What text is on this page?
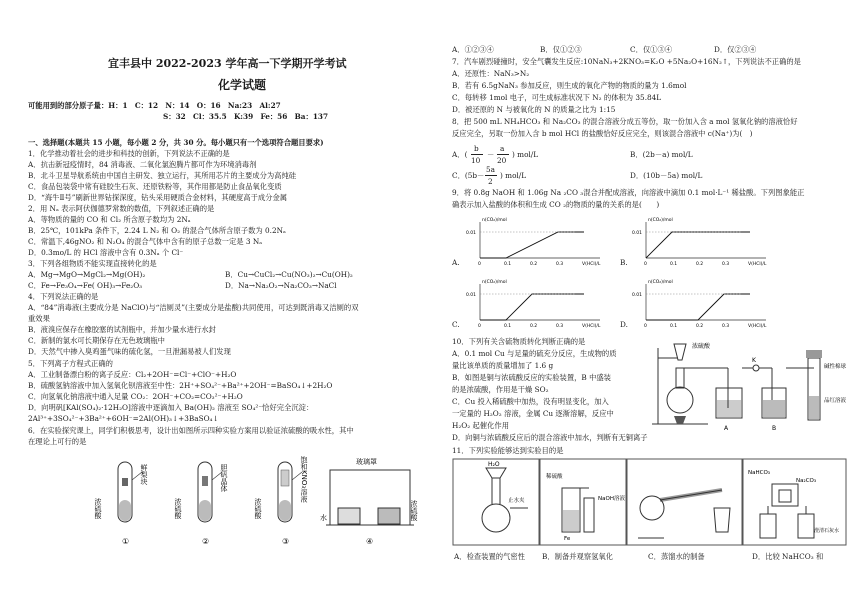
宜丰县中 2022-2023 学年高一下学期开学考试
化学试题
可能用到的部分原子量：H：1　C：12　N：14　O：16　Na:23　Al:27
S：32　Cl：35.5　K:39　Fe：56　Ba：137
一、选择题(本题共 15 小题，每小题 2 分，共 30 分。每小题只有一个选项符合题目要求)
1．化学推动着社会的进步和科技的创新，下列说法不正确的是
A．抗击新冠疫情时，84 消毒液、二氧化氯泡腾片都可作为环境消毒剂
B．北斗卫星导航系统由中国自主研发、独立运行，其所用芯片的主要成分为高纯硅
C．食品包装袋中常有硅胶生石灰、还原铁粉等，其作用都是防止食品氧化变质
D．“海牛Ⅱ号”刷新世界钻探深度，钻头采用硬质合金材料，其硬度高于成分金属
2．用 Nₐ 表示阿伏伽德罗常数的数值，下列叙述正确的是
A．等物质的量的 CO 和 Cl₂ 所含原子数均为 2Nₐ
B．25℃，101kPa 条件下，2.24 L N₂ 和 O₂ 的混合气体所含原子数为 0.2Nₐ
C．常温下,46gNO₂ 和 N₂O₄ 的混合气体中含有的原子总数一定是 3 Nₐ
D．0.3mo/L 的 HCl 溶液中含有 0.3Nₐ 个 Cl⁻
3．下列各组物质不能实现直接转化的是
A．Mg→MgO→MgCl₂→Mg(OH)₂	B．Cu→CuCl₂→Cu(NO₃)₂→Cu(OH)₂
C．Fe→Fe₃O₄→Fe( OH)₃→Fe₂O₃	D．Na→Na₂O₂→Na₂CO₃→NaCl
4．下列说法正确的是
A．“84”消毒液(主要成分是 NaClO)与“洁厕灵”(主要成分是盐酸)共同使用，可达到既消毒又洁厕的双
重效果
B．液溴应保存在橡胶塞的试剂瓶中，并加少量水进行水封
C．新制的氯水可长期保存在无色玻璃瓶中
D．天然气中掺入臭鸡蛋气味的硫化氢，一旦泄漏易被人们发现
5．下列离子方程式正确的
A．工业制备漂白粉的离子反应：Cl₂+2OH⁻=Cl⁻+ClO⁻+H₂O
B．硫酸氢钠溶液中加入氢氧化钡溶液至中性：2H⁺+SO₄²⁻+Ba²⁺+2OH⁻=BaSO₄↓+2H₂O
C．向氢氧化钠溶液中通入足量 CO₂：2OH⁻+CO₂=CO₃²⁻+H₂O
D．向明矾[KAl(SO₄)₂·12H₂O]溶液中逐滴加入 Ba(OH)₂ 溶液至 SO₄²⁻恰好完全沉淀：
2Al³⁺+3SO₄²⁻+3Ba²⁺+6OH⁻=2Al(OH)₃↓+3BaSO₄↓
6．在实验探究课上，同学们积极思考，设计出如图所示四种实验方案用以验证浓硫酸的吸水性，其中
在理论上可行的是
浓硫酸
鲜梨块
①
浓硫酸
胆矾晶体
②
浓硫酸
饱和KNO₃溶液
③
玻璃罩
水	浓硫酸
④
A．①②③④	B．仅①②③	C．仅①③④	D．仅②③④
7．汽车剧烈碰撞时，安全气囊发生反应:10NaN₃+2KNO₃=K₂O +5Na₂O+16N₂↑，下列说法不正确的是
A．还原性：NaN₃>N₂
B．若有 6.5gNaN₃ 参加反应，则生成的氧化产物的物质的量为 1.6mol
C．每转移 1mol 电子，可生成标准状况下 N₂ 的体积为 35.84L
D．被还原的 N 与被氧化的 N 的质量之比为 1:15
8．把 500 mL NH₄HCO₃ 和 Na₂CO₃ 的混合溶液分成五等份，取一份加入含 a mol 氢氧化钠的溶液恰好
反应完全，另取一份加入含 b mol HCl 的盐酸恰好反应完全，则该混合溶液中 c(Na⁺)为(　)
A．(
b
10
－
a
20
) mol/L	B．(2b－a) mol/L
C．(5b－
5a
2
) mol/L	D．(10b－5a) mol/L
9．将 0.8g NaOH 和 1.06g Na ₂CO ₃混合并配成溶液，向溶液中滴加 0.1 mol·L⁻¹ 稀盐酸。下列图象能正
确表示加入盐酸的体积和生成 CO ₂的物质的量的关系的是(　　)
n(CO₂)/mol
V(HCl)/L
0	0.1	0.2	0.3
0.01
n(CO₂)/mol
V(HCl)/L
0	0.1	0.2	0.3
0.01
n(CO₂)/mol
V(HCl)/L
0	0.1	0.2	0.3
0.01
n(CO₂)/mol
V(HCl)/L
0	0.1	0.2	0.3
0.01
A.	B.
C.	D.
10．下列有关含硫物质转化判断正确的是
A．0.1 mol Cu 与足量的硫充分反应，生成物的质
量比该单质的质量增加了 1.6 g
B．如图是铜与浓硫酸反应的实验装置，B 中盛装
的是浓硫酸，作用是干燥 SO₂
C．Cu 投入稀硫酸中加热，没有明显变化，加入
一定量的 H₂O₂ 溶液，金属 Cu 逐渐溶解，反应中
H₂O₂ 起催化作用
D．向铜与浓硫酸反应后的混合溶液中加水，判断有无铜离子
浓硫酸
K
碱性棉球
品红溶液
A	B
11．下列实验能够达到实验目的是
H₂O
止水夹
稀硫酸
NaOH溶液
Fe
NaHCO₃
Na₂CO₃
澄清石灰水
A．检查装置的气密性 B．制备并观察氢氧化	C．蒸馏水的制备	D．比较 NaHCO₃ 和
